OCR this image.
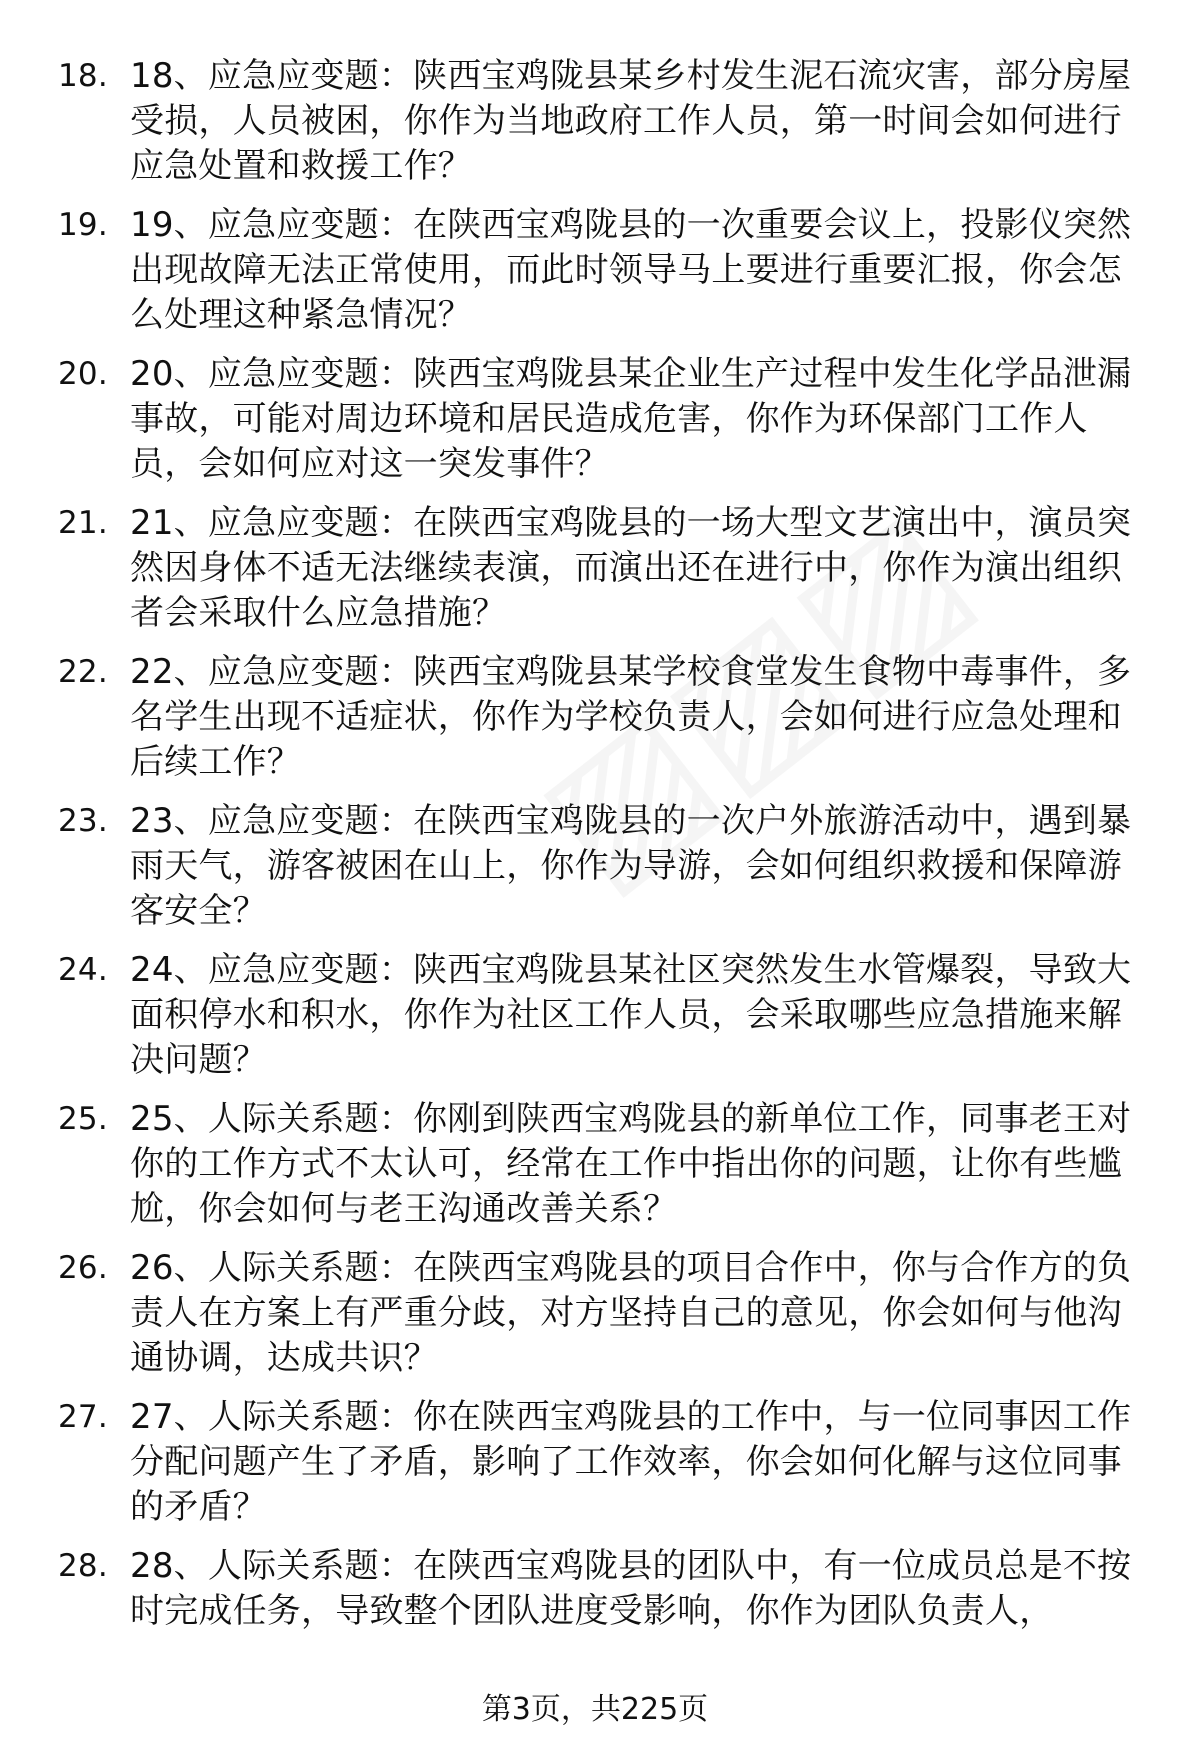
18. 18、应急应变题：陕西宝鸡陇县某乡村发生泥石流灾害，部分房屋受损，人员被困，你作为当地政府工作人员，第一时间会如何进行应急处置和救援工作？
19. 19、应急应变题：在陕西宝鸡陇县的一次重要会议上，投影仪突然出现故障无法正常使用，而此时领导马上要进行重要汇报，你会怎么处理这种紧急情况？
20. 20、应急应变题：陕西宝鸡陇县某企业生产过程中发生化学品泄漏事故，可能对周边环境和居民造成危害，你作为环保部门工作人员，会如何应对这一突发事件？
21. 21、应急应变题：在陕西宝鸡陇县的一场大型文艺演出中，演员突然因身体不适无法继续表演，而演出还在进行中，你作为演出组织者会采取什么应急措施？
22. 22、应急应变题：陕西宝鸡陇县某学校食堂发生食物中毒事件，多名学生出现不适症状，你作为学校负责人，会如何进行应急处理和后续工作？
23. 23、应急应变题：在陕西宝鸡陇县的一次户外旅游活动中，遇到暴雨天气，游客被困在山上，你作为导游，会如何组织救援和保障游客安全？
24. 24、应急应变题：陕西宝鸡陇县某社区突然发生水管爆裂，导致大面积停水和积水，你作为社区工作人员，会采取哪些应急措施来解决问题？
25. 25、人际关系题：你刚到陕西宝鸡陇县的新单位工作，同事老王对你的工作方式不太认可，经常在工作中指出你的问题，让你有些尴尬，你会如何与老王沟通改善关系？
26. 26、人际关系题：在陕西宝鸡陇县的项目合作中，你与合作方的负责人在方案上有严重分歧，对方坚持自己的意见，你会如何与他沟通协调，达成共识？
27. 27、人际关系题：你在陕西宝鸡陇县的工作中，与一位同事因工作分配问题产生了矛盾，影响了工作效率，你会如何化解与这位同事的矛盾？
28. 28、人际关系题：在陕西宝鸡陇县的团队中，有一位成员总是不按时完成任务，导致整个团队进度受影响，你作为团队负责人，
第3页，共225页
